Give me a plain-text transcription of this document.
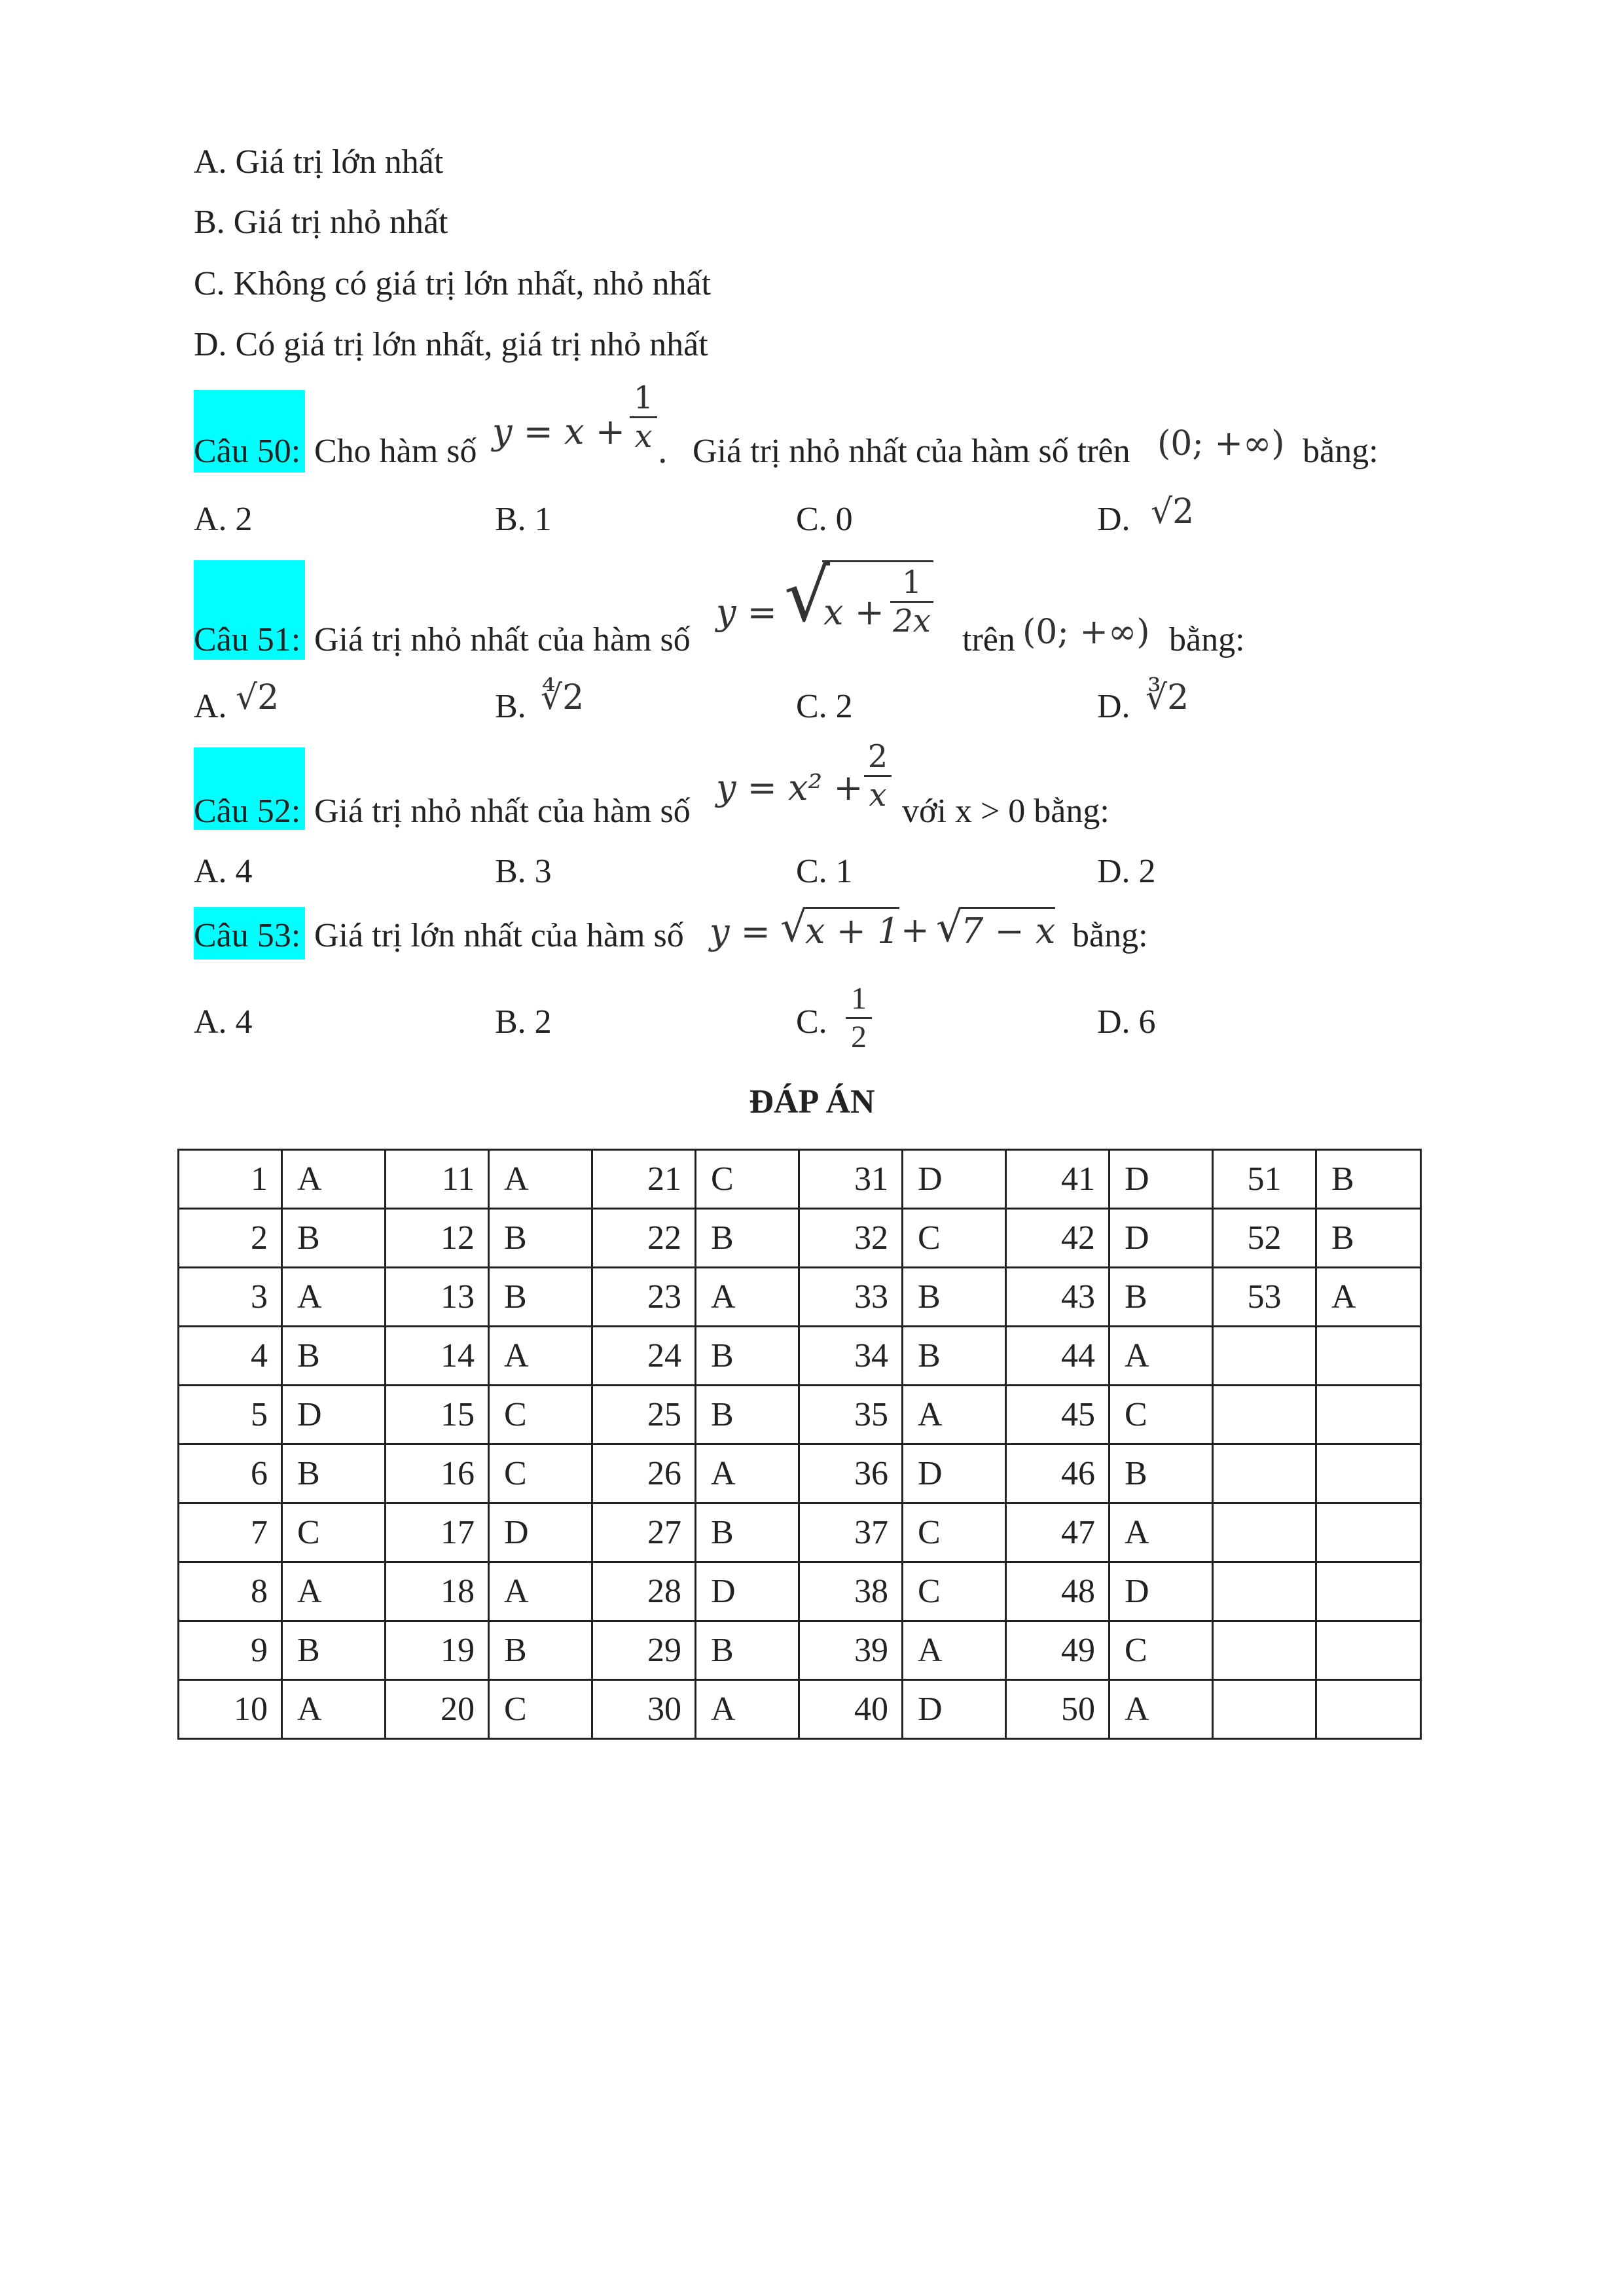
A. Giá trị lớn nhất
B. Giá trị nhỏ nhất
C. Không có giá trị lớn nhất, nhỏ nhất
D. Có giá trị lớn nhất, giá trị nhỏ nhất
Câu 50: Cho hàm số y = x +
1
x . Giá trị nhỏ nhất của hàm số trên (0; +∞) bằng:
A. 2	B. 1	C. 0	D. √2
Câu 51: Giá trị nhỏ nhất của hàm số
y = √
x +
1
2x trên (0; +∞) bằng:
A. √2	B. ∜2	C. 2	D. ∛2
Câu 52: Giá trị nhỏ nhất của hàm số
y = x² +
2
x với x > 0 bằng:
A. 4	B. 3	C. 1	D. 2
Câu 53: Giá trị lớn nhất của hàm số y = √
x + 1 + √
7 − x bằng:
A. 4	B. 2	C.
1
2	D. 6
ĐÁP ÁN
1	A	11	A	21	C	31	D	41	D	51	B
2	B	12	B	22	B	32	C	42	D	52	B
3	A	13	B	23	A	33	B	43	B	53	A
4	B	14	A	24	B	34	B	44	A		
5	D	15	C	25	B	35	A	45	C		
6	B	16	C	26	A	36	D	46	B		
7	C	17	D	27	B	37	C	47	A		
8	A	18	A	28	D	38	C	48	D		
9	B	19	B	29	B	39	A	49	C		
10	A	20	C	30	A	40	D	50	A		
